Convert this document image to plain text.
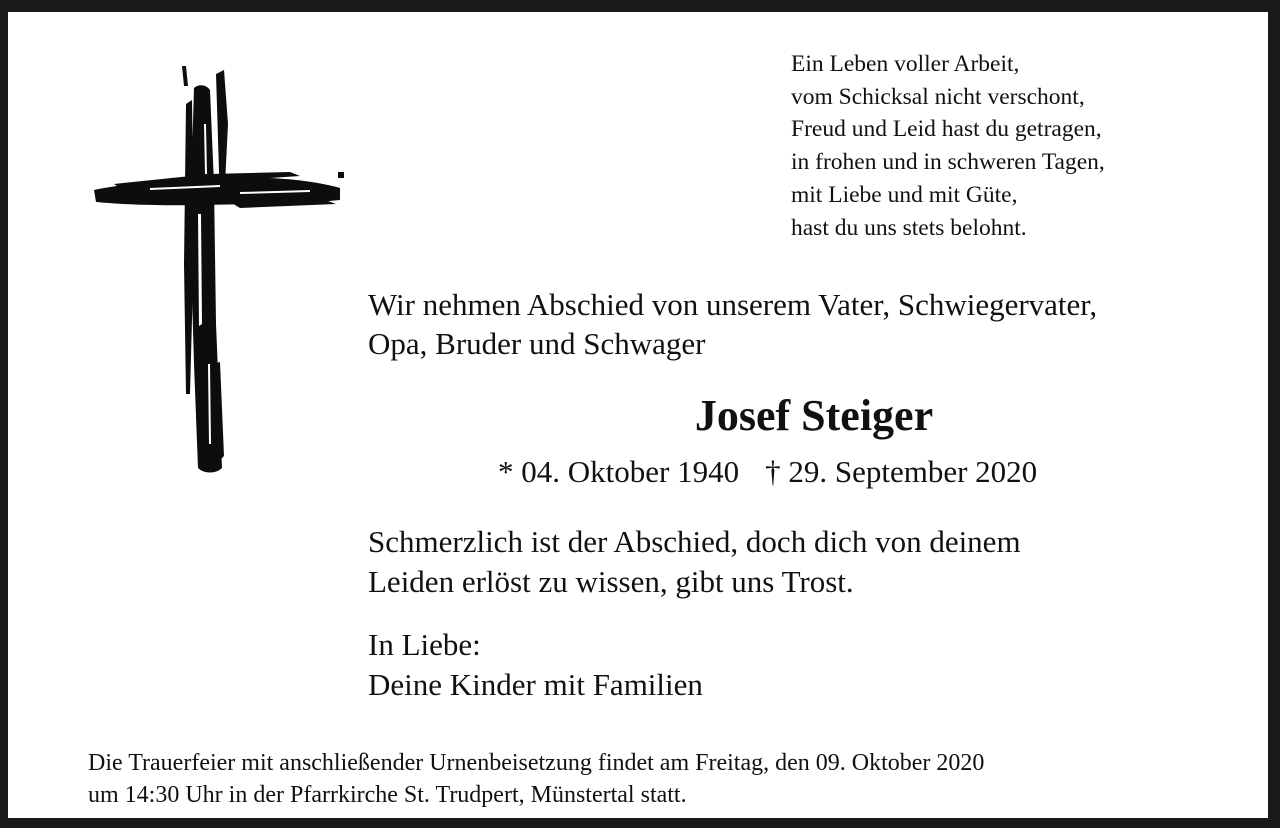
Ein Leben voller Arbeit,
vom Schicksal nicht verschont,
Freud und Leid hast du getragen,
in frohen und in schweren Tagen,
mit Liebe und mit Güte,
hast du uns stets belohnt.
Wir nehmen Abschied von unserem Vater, Schwiegervater,
Opa, Bruder und Schwager
Josef Steiger
* 04. Oktober 1940 † 29. September 2020
Schmerzlich ist der Abschied, doch dich von deinem
Leiden erlöst zu wissen, gibt uns Trost.
In Liebe:
Deine Kinder mit Familien
Die Trauerfeier mit anschließender Urnenbeisetzung findet am Freitag, den 09. Oktober 2020
um 14:30 Uhr in der Pfarrkirche St. Trudpert, Münstertal statt.
